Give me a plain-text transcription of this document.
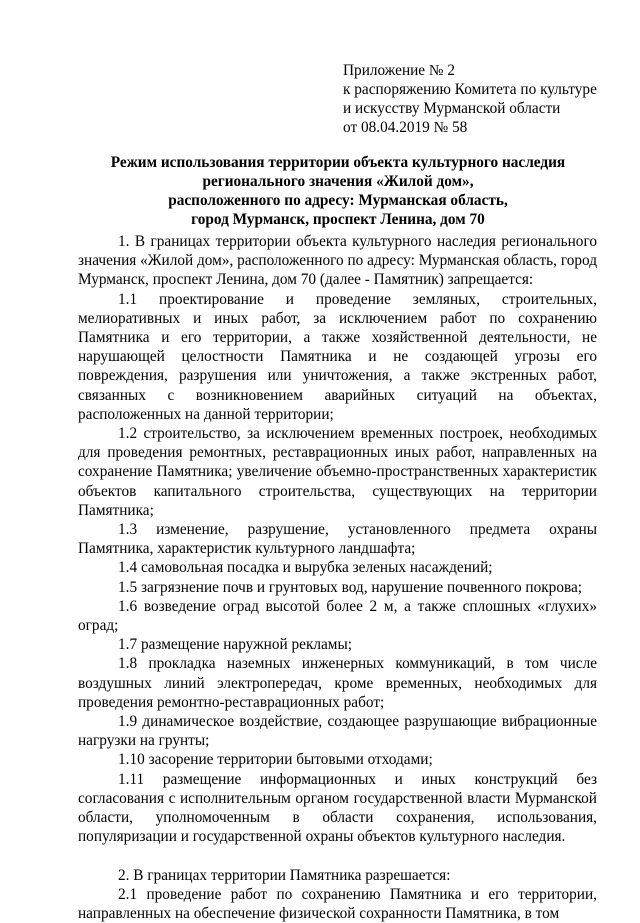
Приложение № 2
к распоряжению Комитета по культуре
и искусству Мурманской области
от 08.04.2019 № 58
Режим использования территории объекта культурного наследия
регионального значения «Жилой дом»,
расположенного по адресу: Мурманская область,
город Мурманск, проспект Ленина, дом 70

1. В границах территории объекта культурного наследия регионального значения «Жилой дом», расположенного по адресу: Мурманская область, город Мурманск, проспект Ленина, дом 70 (далее - Памятник) запрещается:

1.1 проектирование и проведение земляных, строительных, мелиоративных и иных работ, за исключением работ по сохранению Памятника и его территории, а также хозяйственной деятельности, не нарушающей целостности Памятника и не создающей угрозы его повреждения, разрушения или уничтожения, а также экстренных работ, связанных с возникновением аварийных ситуаций на объектах, расположенных на данной территории;

1.2 строительство, за исключением временных построек, необходимых для проведения ремонтных, реставрационных иных работ, направленных на сохранение Памятника; увеличение объемно-пространственных характеристик объектов капитального строительства, существующих на территории Памятника;

1.3 изменение, разрушение, установленного предмета охраны Памятника, характеристик культурного ландшафта;

1.4 самовольная посадка и вырубка зеленых насаждений;

1.5 загрязнение почв и грунтовых вод, нарушение почвенного покрова;

1.6 возведение оград высотой более 2 м, а также сплошных «глухих» оград;

1.7 размещение наружной рекламы;

1.8 прокладка наземных инженерных коммуникаций, в том числе воздушных линий электропередач, кроме временных, необходимых для проведения ремонтно-реставрационных работ;

1.9 динамическое воздействие, создающее разрушающие вибрационные нагрузки на грунты;

1.10 засорение территории бытовыми отходами;

1.11 размещение информационных и иных конструкций без согласования с исполнительным органом государственной власти Мурманской области, уполномоченным в области сохранения, использования, популяризации и государственной охраны объектов культурного наследия.

2. В границах территории Памятника разрешается:

2.1 проведение работ по сохранению Памятника и его территории, направленных на обеспечение физической сохранности Памятника, в том
